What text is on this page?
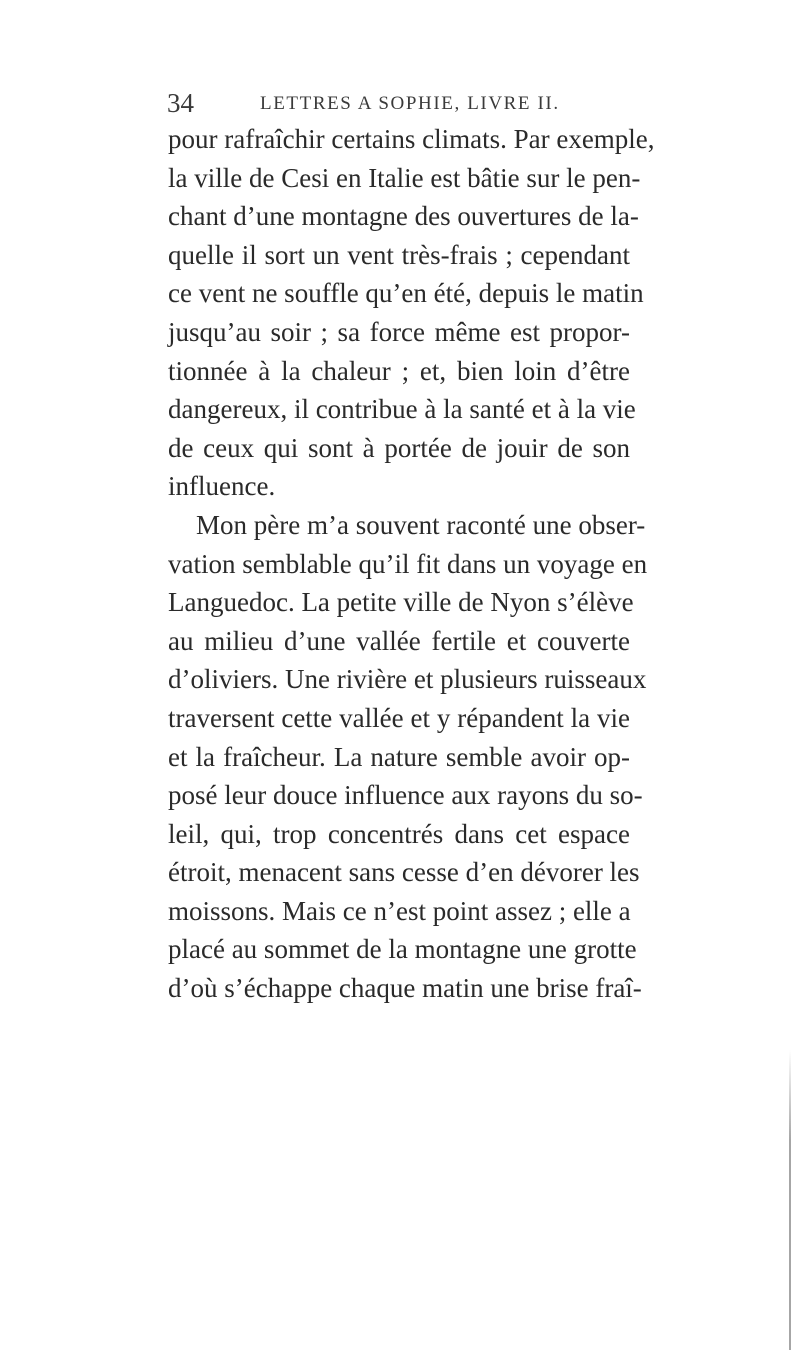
34	LETTRES A SOPHIE, LIVRE II.
pour rafraîchir certains climats. Par exemple,
la ville de Cesi en Italie est bâtie sur le pen-
chant d’une montagne des ouvertures de la-
quelle il sort un vent très-frais ; cependant
ce vent ne souffle qu’en été, depuis le matin
jusqu’au soir ; sa force même est propor-
tionnée à la chaleur ; et, bien loin d’être
dangereux, il contribue à la santé et à la vie
de ceux qui sont à portée de jouir de son
influence.
Mon père m’a souvent raconté une obser-
vation semblable qu’il fit dans un voyage en
Languedoc. La petite ville de Nyon s’élève
au milieu d’une vallée fertile et couverte
d’oliviers. Une rivière et plusieurs ruisseaux
traversent cette vallée et y répandent la vie
et la fraîcheur. La nature semble avoir op-
posé leur douce influence aux rayons du so-
leil, qui, trop concentrés dans cet espace
étroit, menacent sans cesse d’en dévorer les
moissons. Mais ce n’est point assez ; elle a
placé au sommet de la montagne une grotte
d’où s’échappe chaque matin une brise fraî-
